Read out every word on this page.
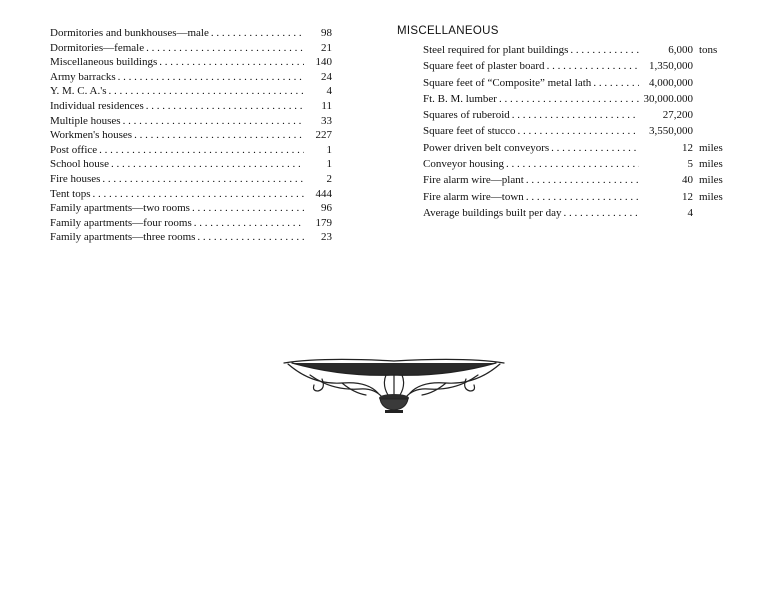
Dormitories and bunkhouses—male . . .	98
Dormitories—female . . .	21
Miscellaneous buildings . . .	140
Army barracks . . .	24
Y. M. C. A.'s . . .	4
Individual residences . . .	11
Multiple houses . . .	33
Workmen's houses . . .	227
Post office . . .	1
School house . . .	1
Fire houses . . .	2
Tent tops . . .	444
Family apartments—two rooms . . .	96
Family apartments—four rooms . . .	179
Family apartments—three rooms . . .	23
MISCELLANEOUS
Steel required for plant buildings . . .	6,000 tons
Square feet of plaster board . . .	1,350,000
Square feet of “Composite” metal lath . . .	4,000,000
Ft. B. M. lumber . . .	30,000.000
Squares of ruberoid . . .	27,200
Square feet of stucco . . .	3,550,000
Power driven belt conveyors . . .	12 miles
Conveyor housing . . .	5 miles
Fire alarm wire—plant . . .	40 miles
Fire alarm wire—town . . .	12 miles
Average buildings built per day . . .	4
